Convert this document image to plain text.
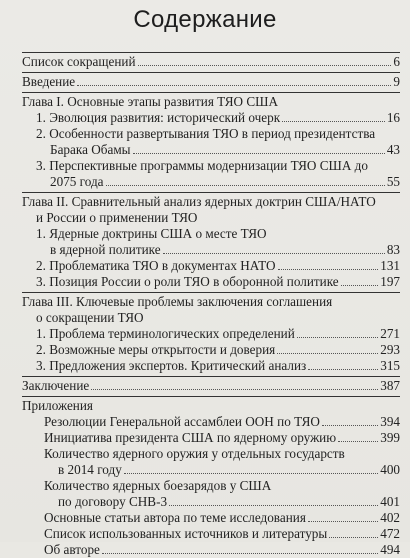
Содержание
Список сокращений	6
Введение	9
Глава I. Основные этапы развития ТЯО США
1. Эволюция развития: исторический очерк	16
2. Особенности развертывания ТЯО в период президентства
Барака Обамы	43
3. Перспективные программы модернизации ТЯО США до
2075 года	55
Глава II. Сравнительный анализ ядерных доктрин США/НАТО
и России о применении ТЯО
1. Ядерные доктрины США о месте ТЯО
в ядерной политике	83
2. Проблематика ТЯО в документах НАТО	131
3. Позиция России о роли ТЯО в оборонной политике	197
Глава III. Ключевые проблемы заключения соглашения
о сокращении ТЯО
1. Проблема терминологических определений	271
2. Возможные меры открытости и доверия	293
3. Предложения экспертов. Критический анализ	315
Заключение	387
Приложения
Резолюции Генеральной ассамблеи ООН по ТЯО	394
Инициатива президента США по ядерному оружию	399
Количество ядерного оружия у отдельных государств
в 2014 году	400
Количество ядерных боезарядов у США
по договору СНВ-3	401
Основные статьи автора по теме исследования	402
Список использованных источников и литературы	472
Об авторе	494
